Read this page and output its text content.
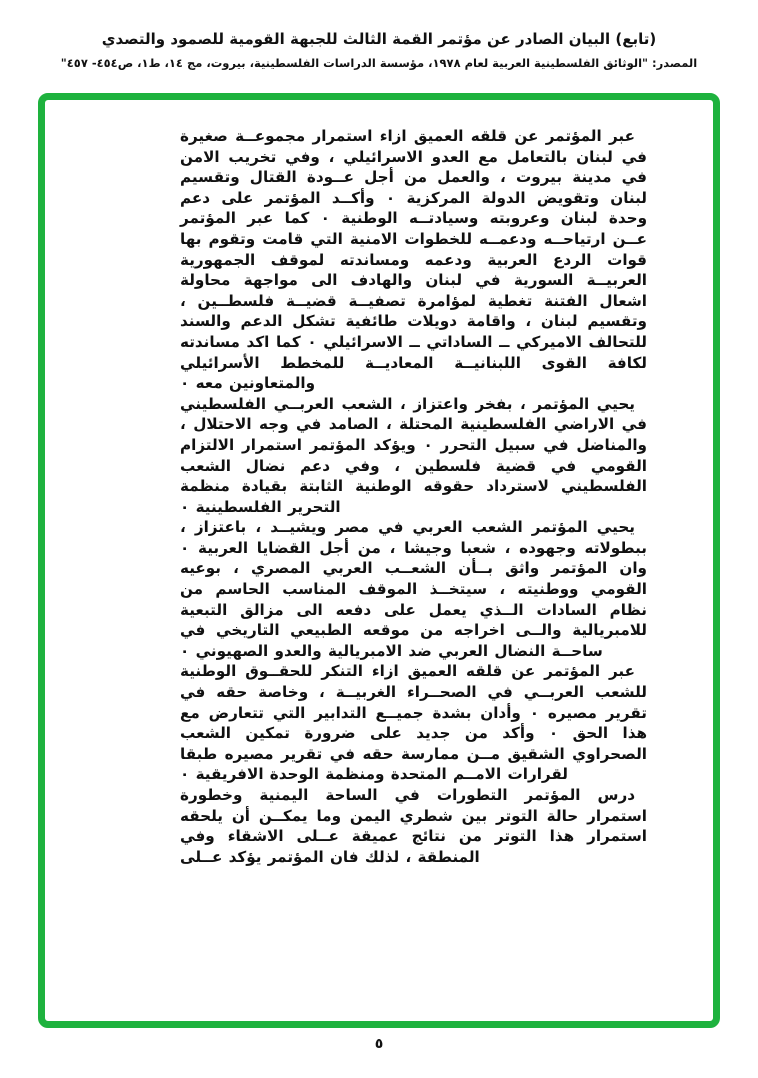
(تابع) البيان الصادر عن مؤتمر القمة الثالث للجبهة القومية للصمود والتصدي
المصدر: "الوثائق الفلسطينية العربية لعام ١٩٧٨، مؤسسة الدراسات الفلسطينية، بيروت، مج ١٤، ط١، ص٤٥٤- ٤٥٧"

عبر المؤتمر عن قلقه العميق ازاء استمرار مجموعــة صغيرة في لبنان بالتعامل مع العدو الاسرائيلي ، وفي تخريب الامن في مدينة بيروت ، والعمل من أجل عــودة القتال وتقسيم لبنان وتقويض الدولة المركزية ٠ وأكــد المؤتمر على دعم وحدة لبنان وعروبته وسيادتــه الوطنية ٠ كما عبر المؤتمر عــن ارتياحــه ودعمــه للخطوات الامنية التي قامت وتقوم بها قوات الردع العربية ودعمه ومساندته لموقف الجمهورية العربيــة السورية في لبنان والهادف الى مواجهة محاولة اشعال الفتنة تغطية لمؤامرة تصفيــة قضيــة فلسطــين ، وتقسيم لبنان ، واقامة دويلات طائفية تشكل الدعم والسند للتحالف الاميركي ــ الساداتي ــ الاسرائيلي ٠ كما اكد مساندته لكافة القوى اللبنانيــة المعاديــة للمخطط الأسرائيلي والمتعاونين معه ٠

يحيي المؤتمر ، بفخر واعتزاز ، الشعب العربــي الفلسطيني في الاراضي الفلسطينية المحتلة ، الصامد في وجه الاحتلال ، والمناضل في سبيل التحرر ٠ ويؤكد المؤتمر استمرار الالتزام القومي في قضية فلسطين ، وفي دعم نضال الشعب الفلسطيني لاسترداد حقوقه الوطنية الثابتة بقيادة منظمة التحرير الفلسطينية ٠

يحيي المؤتمر الشعب العربي في مصر ويشيــد ، باعتزاز ، ببطولاته وجهوده ، شعبا وجيشا ، من أجل القضايا العربية ٠ وان المؤتمر واثق بــأن الشعــب العربي المصري ، بوعيه القومي ووطنيته ، سيتخــذ الموقف المناسب الحاسم من نظام السادات الــذي يعمل على دفعه الى مزالق التبعية للامبريالية والــى اخراجه من موقعه الطبيعي التاريخي في ساحــة النضال العربي ضد الامبريالية والعدو الصهيوني ٠

عبر المؤتمر عن قلقه العميق ازاء التنكر للحقــوق الوطنية للشعب العربــي في الصحــراء الغربيــة ، وخاصة حقه في تقرير مصيره ٠ وأدان بشدة جميــع التدابير التي تتعارض مع هذا الحق ٠ وأكد من جديد على ضرورة تمكين الشعب الصحراوي الشقيق مــن ممارسة حقه في تقرير مصيره طبقا لقرارات الامــم المتحدة ومنظمة الوحدة الافريقية ٠

درس المؤتمر التطورات في الساحة اليمنية وخطورة استمرار حالة التوتر بين شطري اليمن وما يمكــن أن يلحقه استمرار هذا التوتر من نتائج عميقة عــلى الاشقاء وفي المنطقة ، لذلك فان المؤتمر يؤكد عــلى

٥
